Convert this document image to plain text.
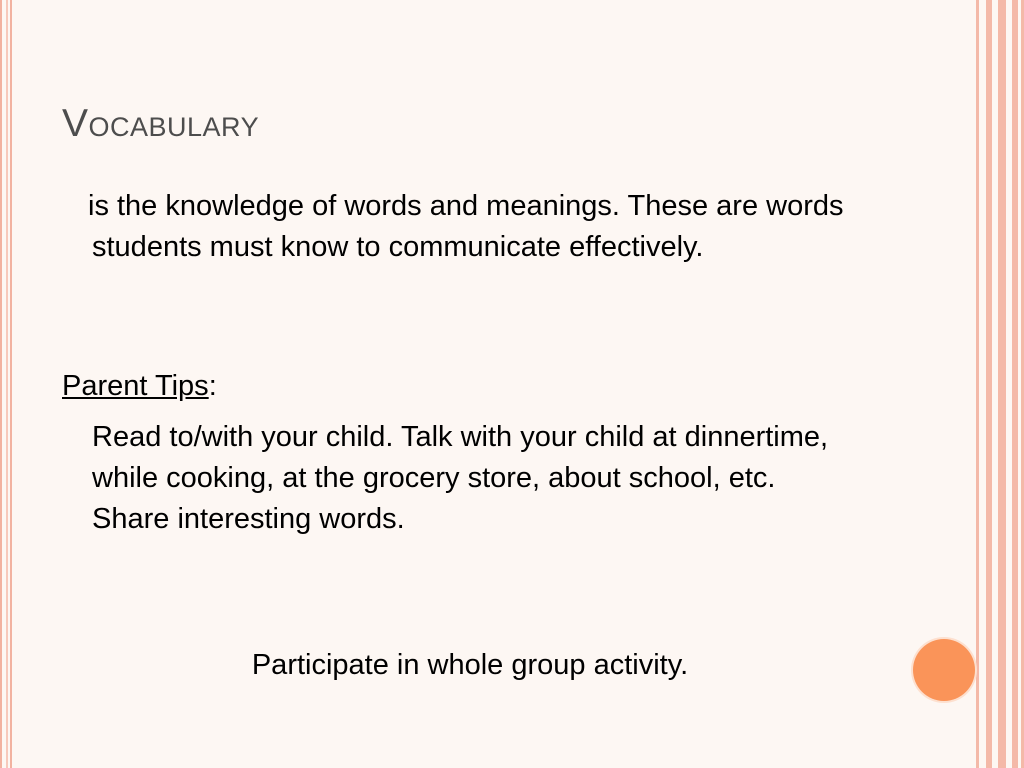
Vocabulary
is the knowledge of words and meanings. These are words students must know to communicate effectively.
Parent Tips:
Read to/with your child. Talk with your child at dinnertime, while cooking, at the grocery store, about school, etc. Share interesting words.
Participate in whole group activity.
